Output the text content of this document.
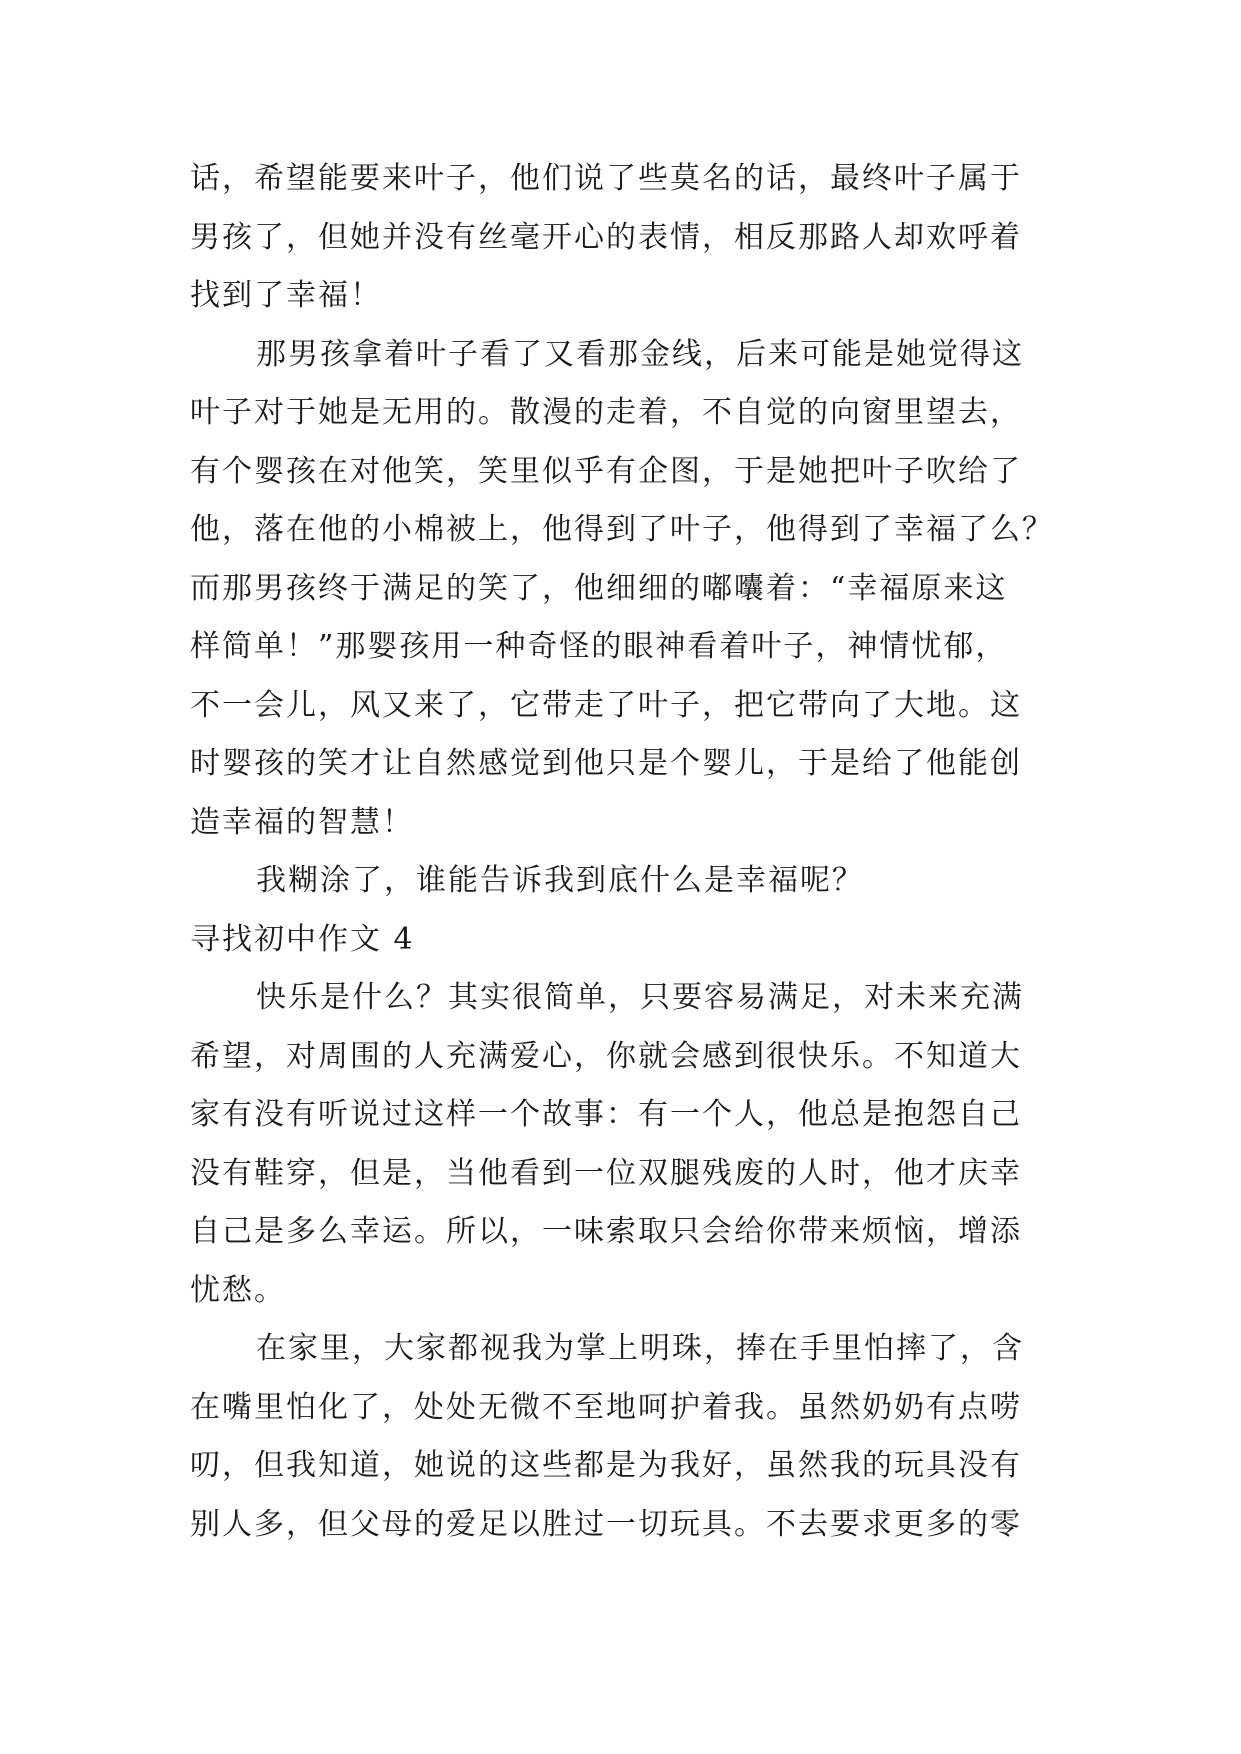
话，希望能要来叶子，他们说了些莫名的话，最终叶子属于
男孩了，但她并没有丝毫开心的表情，相反那路人却欢呼着
找到了幸福！
那男孩拿着叶子看了又看那金线，后来可能是她觉得这
叶子对于她是无用的。散漫的走着，不自觉的向窗里望去，
有个婴孩在对他笑，笑里似乎有企图，于是她把叶子吹给了
他，落在他的小棉被上，他得到了叶子，他得到了幸福了么？
而那男孩终于满足的笑了，他细细的嘟囔着：“幸福原来这
样简单！”那婴孩用一种奇怪的眼神看着叶子，神情忧郁，
不一会儿，风又来了，它带走了叶子，把它带向了大地。这
时婴孩的笑才让自然感觉到他只是个婴儿，于是给了他能创
造幸福的智慧！
我糊涂了，谁能告诉我到底什么是幸福呢？
寻找初中作文 4
快乐是什么？其实很简单，只要容易满足，对未来充满
希望，对周围的人充满爱心，你就会感到很快乐。不知道大
家有没有听说过这样一个故事：有一个人，他总是抱怨自己
没有鞋穿，但是，当他看到一位双腿残废的人时，他才庆幸
自己是多么幸运。所以，一味索取只会给你带来烦恼，增添
忧愁。
在家里，大家都视我为掌上明珠，捧在手里怕摔了，含
在嘴里怕化了，处处无微不至地呵护着我。虽然奶奶有点唠
叨，但我知道，她说的这些都是为我好，虽然我的玩具没有
别人多，但父母的爱足以胜过一切玩具。不去要求更多的零
